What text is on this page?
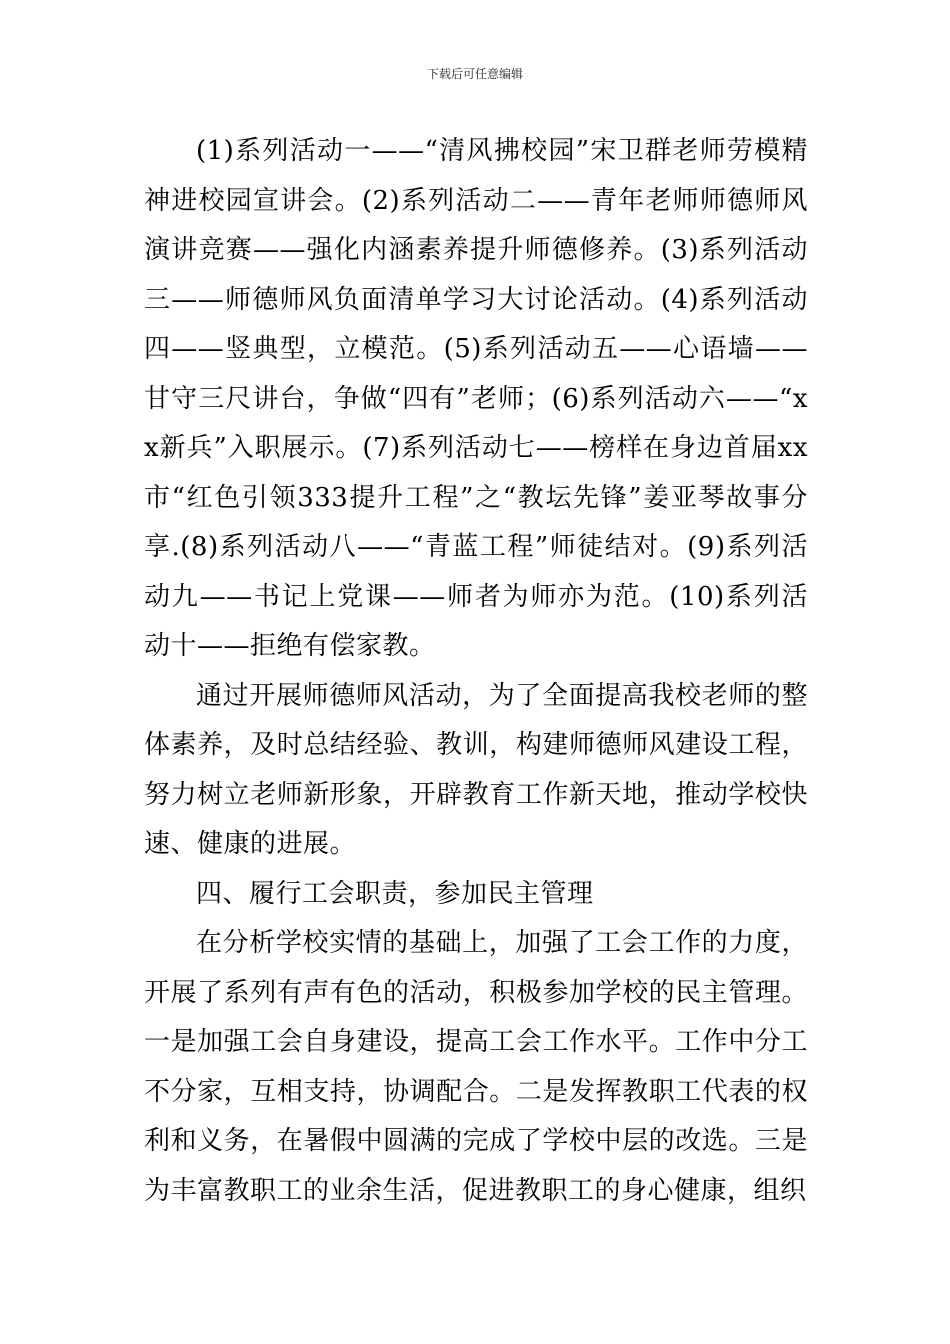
下载后可任意编辑

(1)系列活动一——“清风拂校园”宋卫群老师劳模精神进校园宣讲会。(2)系列活动二——青年老师师德师风演讲竞赛——强化内涵素养提升师德修养。(3)系列活动三——师德师风负面清单学习大讨论活动。(4)系列活动四——竖典型，立模范。(5)系列活动五——心语墙——甘守三尺讲台，争做“四有”老师；(6)系列活动六——“xx新兵”入职展示。(7)系列活动七——榜样在身边首届xx市“红色引领333提升工程”之“教坛先锋”姜亚琴故事分享.(8)系列活动八——“青蓝工程”师徒结对。(9)系列活动九——书记上党课——师者为师亦为范。(10)系列活动十——拒绝有偿家教。

通过开展师德师风活动，为了全面提高我校老师的整体素养，及时总结经验、教训，构建师德师风建设工程，努力树立老师新形象，开辟教育工作新天地，推动学校快速、健康的进展。

四、履行工会职责，参加民主管理

在分析学校实情的基础上，加强了工会工作的力度，开展了系列有声有色的活动，积极参加学校的民主管理。一是加强工会自身建设，提高工会工作水平。工作中分工不分家，互相支持，协调配合。二是发挥教职工代表的权利和义务，在暑假中圆满的完成了学校中层的改选。三是为丰富教职工的业余生活，促进教职工的身心健康，组织
